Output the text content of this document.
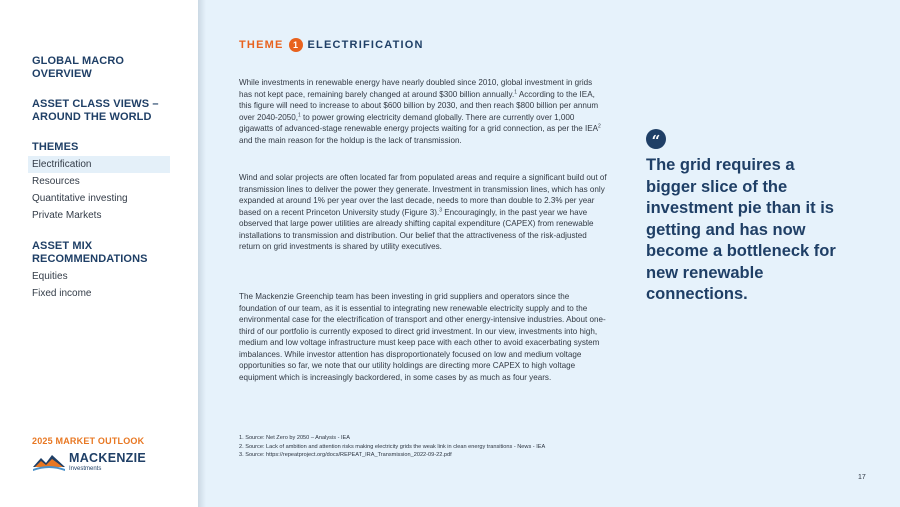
GLOBAL MACRO OVERVIEW
ASSET CLASS VIEWS – AROUND THE WORLD
THEMES
Electrification
Resources
Quantitative investing
Private Markets
ASSET MIX RECOMMENDATIONS
Equities
Fixed income
2025 MARKET OUTLOOK
MACKENZIE
Investments
大数跨境
THEME	1 ELECTRIFICATION
While investments in renewable energy have nearly doubled since 2010, global investment in grids has not kept pace, remaining barely changed at around $300 billion annually.$^1$ According to the IEA, this figure will need to increase to about $600 billion by 2030, and then reach $800 billion per annum over 2040-2050,$^1$ to power growing electricity demand globally. There are currently over 1,000 gigawatts of advanced-stage renewable energy projects waiting for a grid connection, as per the IEA$^2$ and the main reason for the holdup is the lack of transmission.
Wind and solar projects are often located far from populated areas and require a significant build out of transmission lines to deliver the power they generate. Investment in transmission lines, which has only expanded at around 1% per year over the last decade, needs to more than double to 2.3% per year based on a recent Princeton University study (Figure 3).$^3$ Encouragingly, in the past year we have observed that large power utilities are already shifting capital expenditure (CAPEX) from renewable installations to transmission and distribution. Our belief that the attractiveness of the risk-adjusted return on grid investments is shared by utility executives.
The Mackenzie Greenchip team has been investing in grid suppliers and operators since the foundation of our team, as it is essential to integrating new renewable electricity supply and to the environmental case for the electrification of transport and other energy-intensive industries. About one-third of our portfolio is currently exposed to direct grid investment. In our view, investments into high, medium and low voltage infrastructure must keep pace with each other to avoid exacerbating system imbalances. While investor attention has disproportionately focused on low and medium voltage opportunities so far, we note that our utility holdings are directing more CAPEX to high voltage equipment which is increasingly backordered, in some cases by as much as four years.
1. Source: Net Zero by 2050 – Analysis - IEA
2. Source: Lack of ambition and attention risks making electricity grids the weak link in clean energy transitions - News - IEA
3. Source: https://repeatproject.org/docs/REPEAT_IRA_Transmission_2022-09-22.pdf
“
The grid requires a bigger slice of the investment pie than it is getting and has now become a bottleneck for new renewable connections.
17
